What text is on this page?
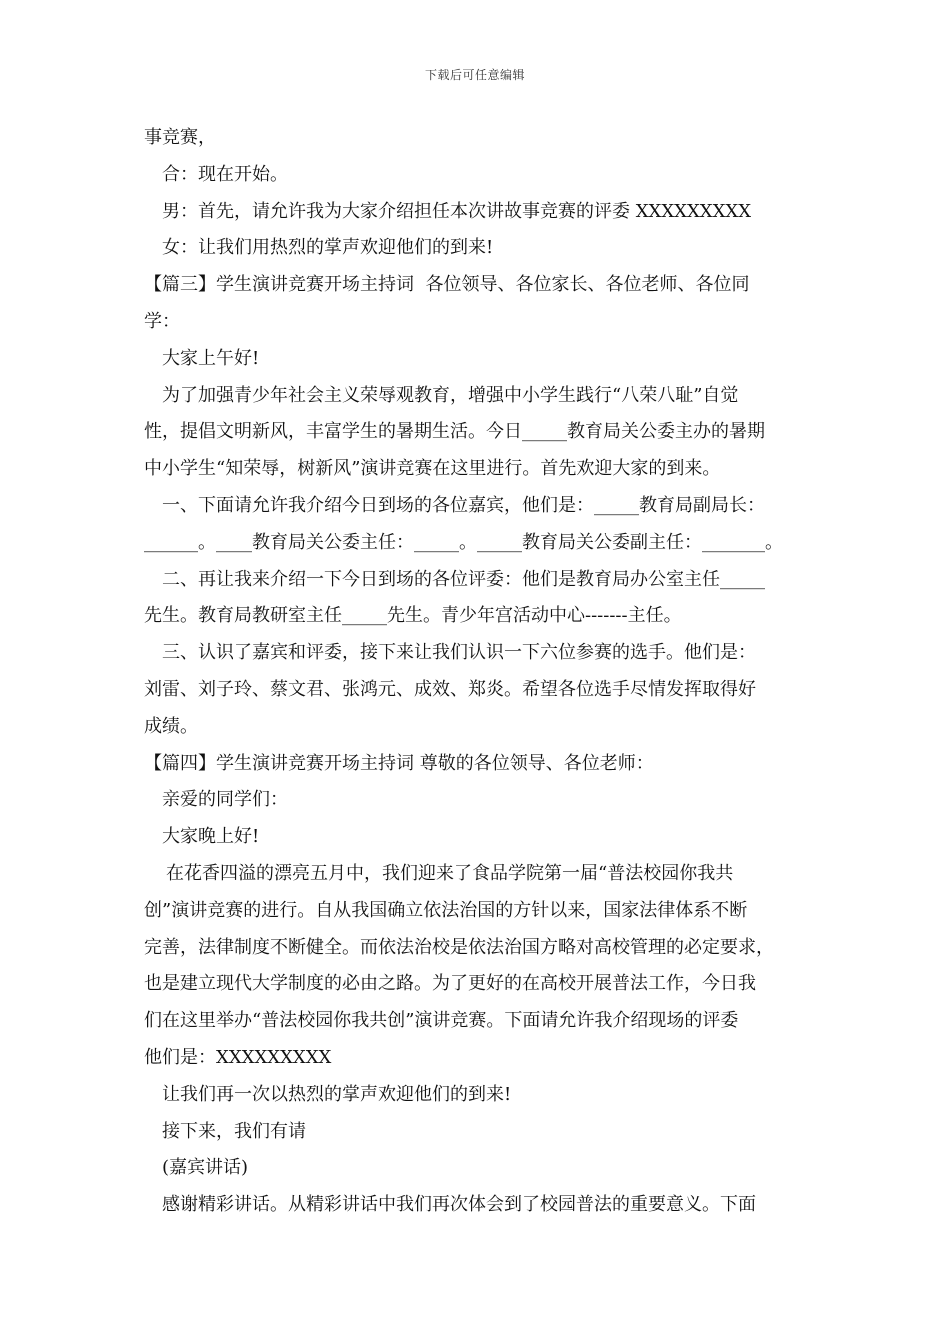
下载后可任意编辑

事竞赛，

合：现在开始。

男：首先，请允许我为大家介绍担任本次讲故事竞赛的评委 XXXXXXXXX

女：让我们用热烈的掌声欢迎他们的到来!

【篇三】学生演讲竞赛开场主持词  各位领导、各位家长、各位老师、各位同

学：

大家上午好!

为了加强青少年社会主义荣辱观教育，增强中小学生践行“八荣八耻”自觉

性，提倡文明新风，丰富学生的暑期生活。今日_____教育局关公委主办的暑期

中小学生“知荣辱，树新风”演讲竞赛在这里进行。首先欢迎大家的到来。

一、下面请允许我介绍今日到场的各位嘉宾，他们是：_____教育局副局长：

______。____教育局关公委主任：_____。_____教育局关公委副主任：_______。

二、再让我来介绍一下今日到场的各位评委：他们是教育局办公室主任_____

先生。教育局教研室主任_____先生。青少年宫活动中心-------主任。

三、认识了嘉宾和评委，接下来让我们认识一下六位参赛的选手。他们是：

刘雷、刘子玲、蔡文君、张鸿元、成效、郑炎。希望各位选手尽情发挥取得好

成绩。

【篇四】学生演讲竞赛开场主持词 尊敬的各位领导、各位老师：

亲爱的同学们：

大家晚上好!

在花香四溢的漂亮五月中，我们迎来了食品学院第一届“普法校园你我共

创”演讲竞赛的进行。自从我国确立依法治国的方针以来，国家法律体系不断

完善，法律制度不断健全。而依法治校是依法治国方略对高校管理的必定要求，

也是建立现代大学制度的必由之路。为了更好的在高校开展普法工作，今日我

们在这里举办“普法校园你我共创”演讲竞赛。下面请允许我介绍现场的评委

他们是：XXXXXXXXX

让我们再一次以热烈的掌声欢迎他们的到来!

接下来，我们有请

(嘉宾讲话)

感谢精彩讲话。从精彩讲话中我们再次体会到了校园普法的重要意义。下面
